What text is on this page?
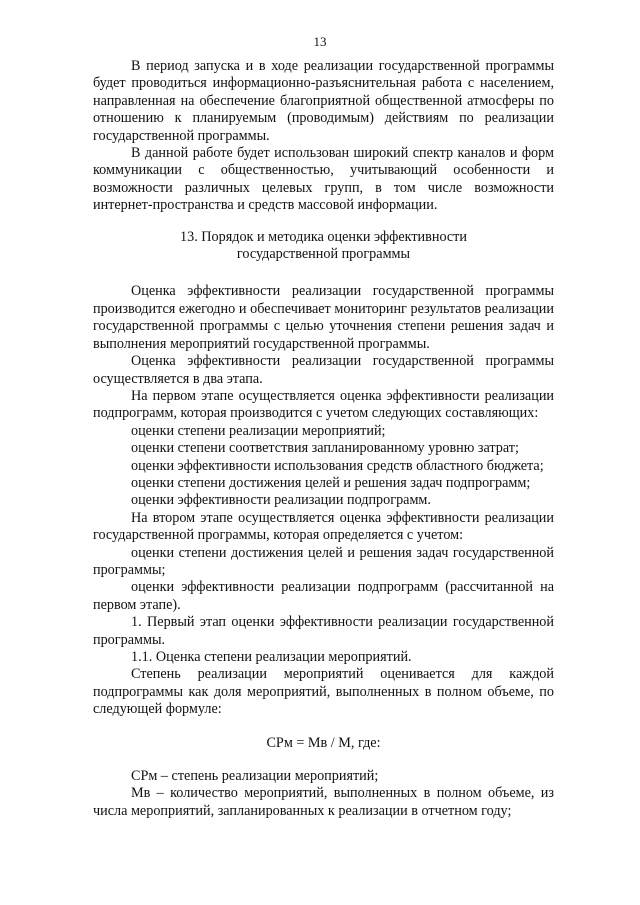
13

В период запуска и в ходе реализации государственной программы будет проводиться информационно-разъяснительная работа с населением, направленная на обеспечение благоприятной общественной атмосферы по отношению к планируемым (проводимым) действиям по реализации государственной программы.

В данной работе будет использован широкий спектр каналов и форм коммуникации с общественностью, учитывающий особенности и возможности различных целевых групп, в том числе возможности интернет-пространства и средств массовой информации.

13. Порядок и методика оценки эффективности
государственной программы

Оценка эффективности реализации государственной программы производится ежегодно и обеспечивает мониторинг результатов реализации государственной программы с целью уточнения степени решения задач и выполнения мероприятий государственной программы.

Оценка эффективности реализации государственной программы осуществляется в два этапа.

На первом этапе осуществляется оценка эффективности реализации подпрограмм, которая производится с учетом следующих составляющих:

оценки степени реализации мероприятий;

оценки степени соответствия запланированному уровню затрат;

оценки эффективности использования средств областного бюджета;

оценки степени достижения целей и решения задач подпрограмм;

оценки эффективности реализации подпрограмм.

На втором этапе осуществляется оценка эффективности реализации государственной программы, которая определяется с учетом:

оценки степени достижения целей и решения задач государственной программы;

оценки эффективности реализации подпрограмм (рассчитанной на первом этапе).

1. Первый этап оценки эффективности реализации государственной программы.

1.1. Оценка степени реализации мероприятий.

Степень реализации мероприятий оценивается для каждой подпрограммы как доля мероприятий, выполненных в полном объеме, по следующей формуле:

СРм = Мв / М, где:

СРм – степень реализации мероприятий;

Мв – количество мероприятий, выполненных в полном объеме, из числа мероприятий, запланированных к реализации в отчетном году;
